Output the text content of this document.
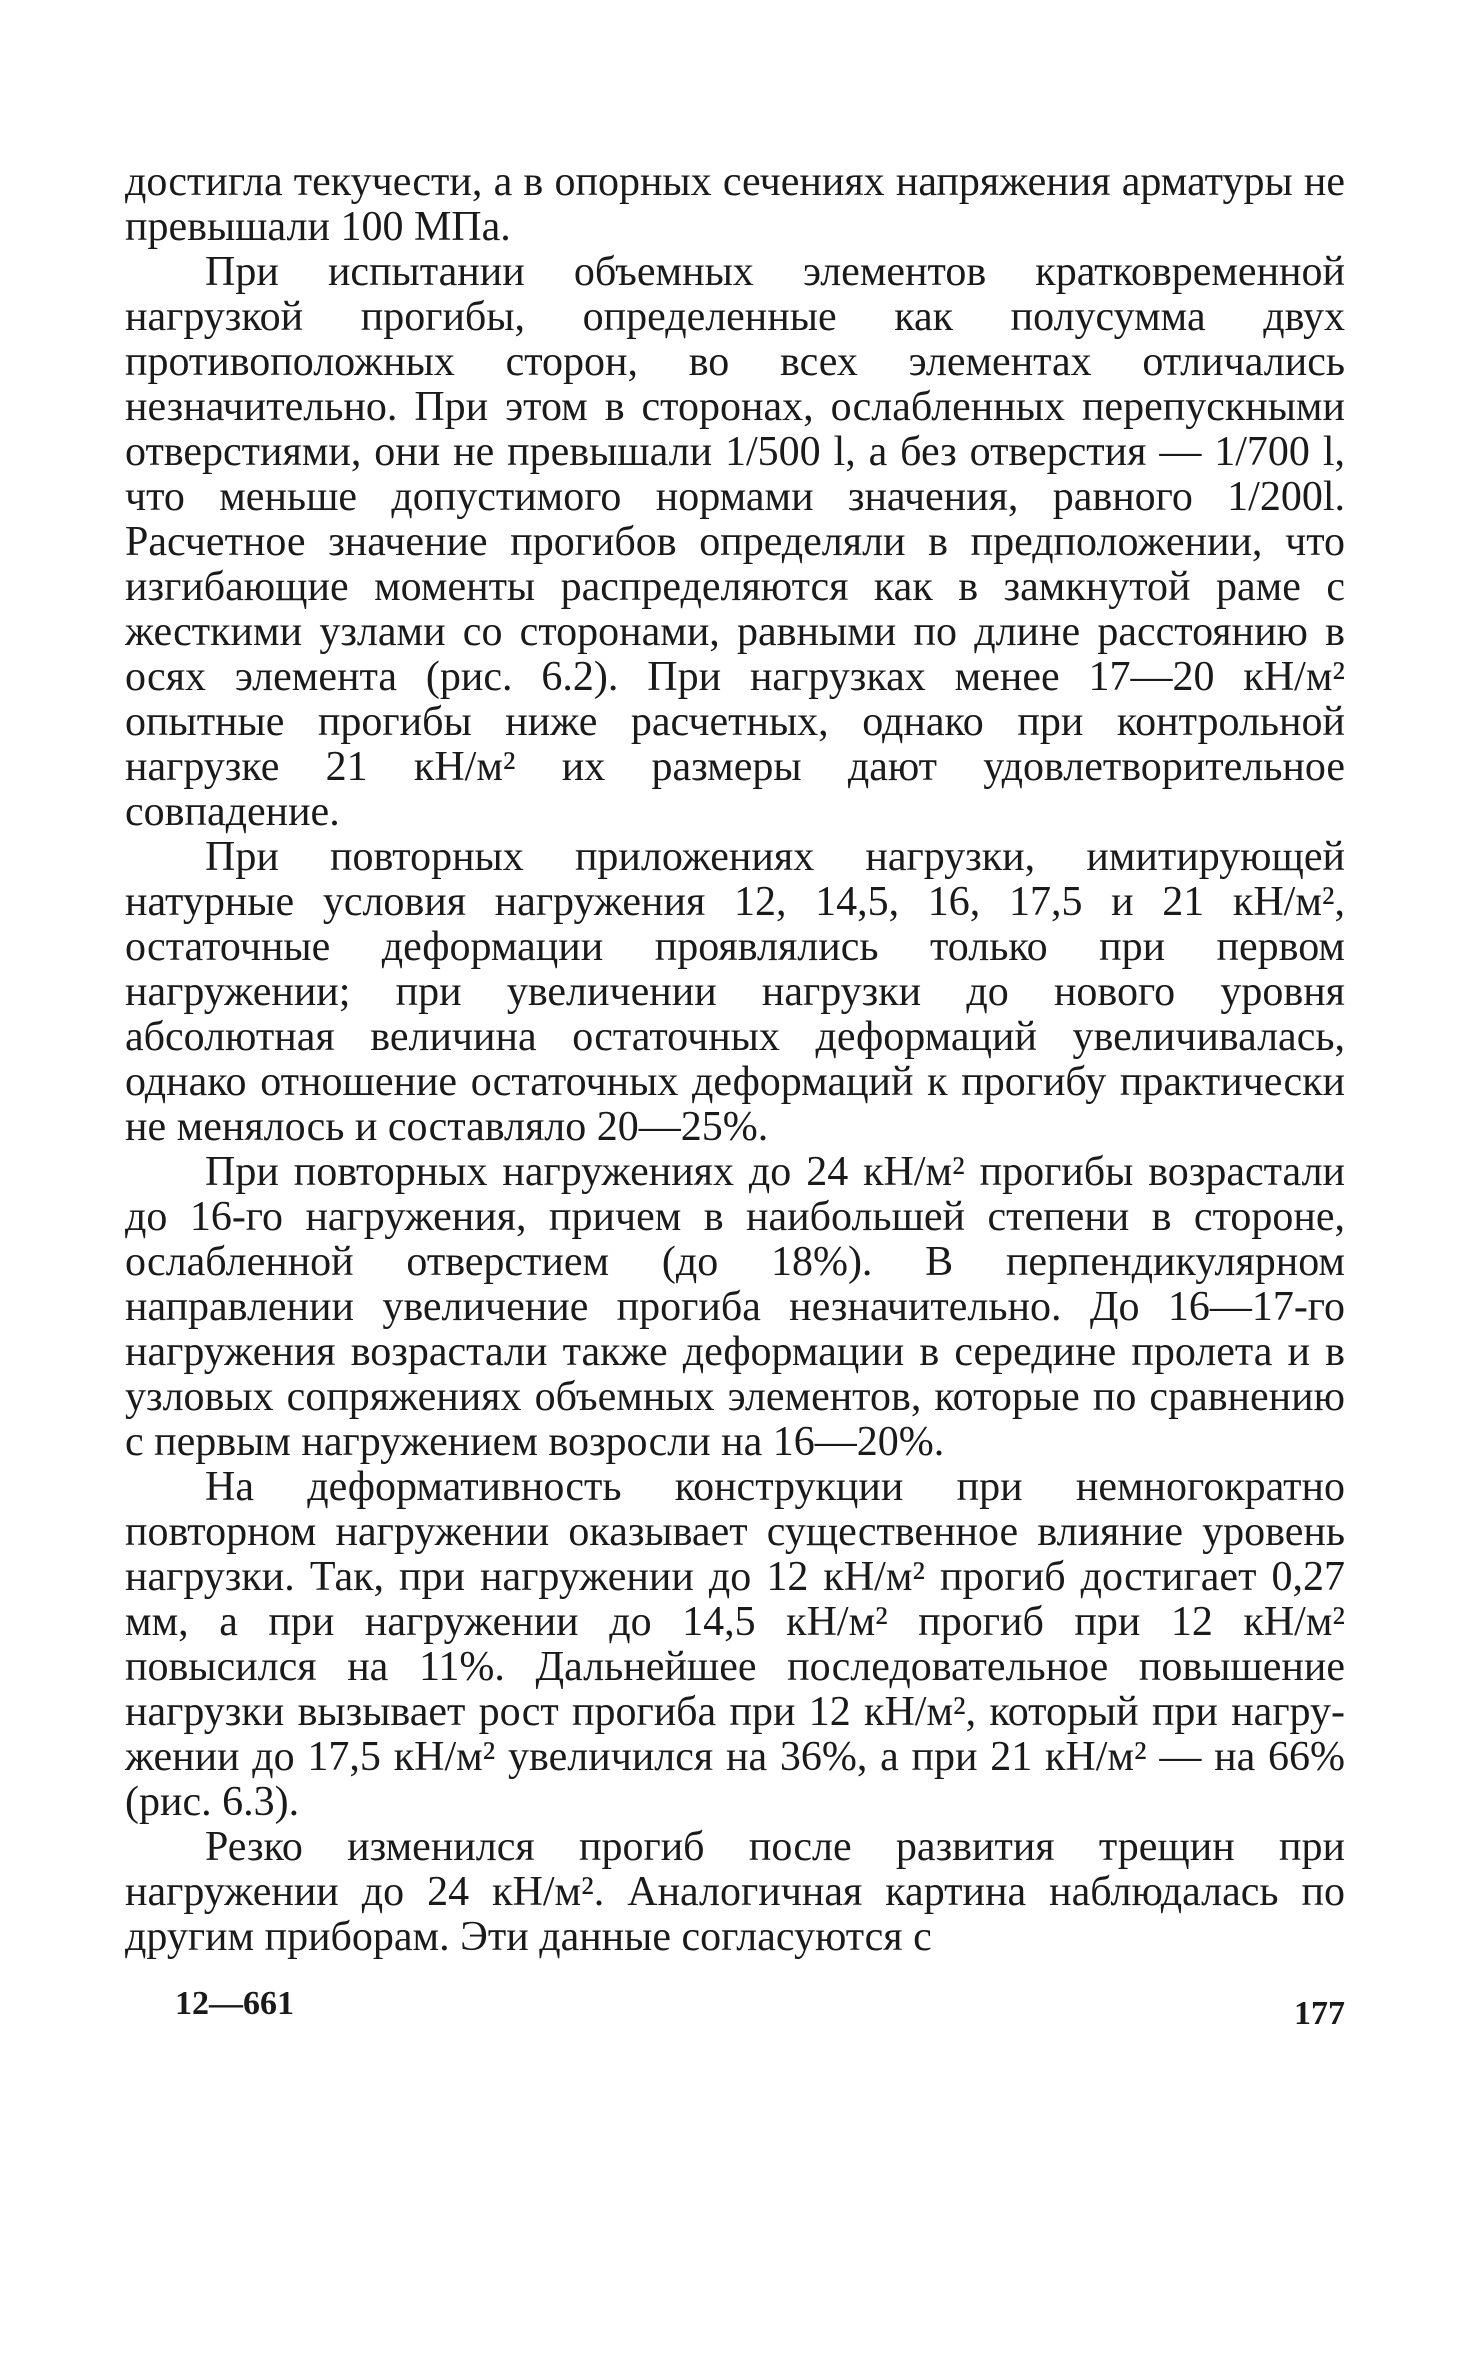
достигла текучести, а в опорных сечениях напряжения арматуры не превышали 100 МПа.

При испытании объемных элементов кратковременной нагрузкой прогибы, определенные как полусумма двух противоположных сторон, во всех элементах отличались незначительно. При этом в сторонах, ослабленных перепускными отверстиями, они не превышали 1/500 l, а без отверстия — 1/700 l, что меньше допустимого нормами значения, равного 1/200l. Расчетное значение прогибов определяли в предположении, что изгибающие моменты распределяются как в замкнутой раме с жесткими узлами со сторонами, равными по длине расстоянию в осях элемента (рис. 6.2). При нагрузках менее 17—20 кН/м² опытные прогибы ниже расчетных, однако при контрольной нагрузке 21 кН/м² их размеры дают удовлетворительное совпадение.

При повторных приложениях нагрузки, имитирующей натурные условия нагружения 12, 14,5, 16, 17,5 и 21 кН/м², остаточные деформации проявлялись только при первом нагружении; при увеличении нагрузки до нового уровня абсолютная величина остаточных деформаций увеличивалась, однако отношение остаточных деформаций к прогибу практически не менялось и составляло 20—25%.

При повторных нагружениях до 24 кН/м² прогибы возрастали до 16-го нагружения, причем в наибольшей степени в стороне, ослабленной отверстием (до 18%). В перпендикулярном направлении увеличение прогиба незначительно. До 16—17-го нагружения возрастали также деформации в середине пролета и в узловых сопряжениях объемных элементов, которые по сравнению с первым нагружением возросли на 16—20%.

На деформативность конструкции при немногократно повторном нагружении оказывает существенное влияние уровень нагрузки. Так, при нагружении до 12 кН/м² прогиб достигает 0,27 мм, а при нагружении до 14,5 кН/м² прогиб при 12 кН/м² повысился на 11%. Дальнейшее последовательное повышение нагрузки вызывает рост прогиба при 12 кН/м², который при нагружении до 17,5 кН/м² увеличился на 36%, а при 21 кН/м² — на 66% (рис. 6.3).

Резко изменился прогиб после развития трещин при нагружении до 24 кН/м². Аналогичная картина наблюдалась по другим приборам. Эти данные согласуются с

12—661	177
